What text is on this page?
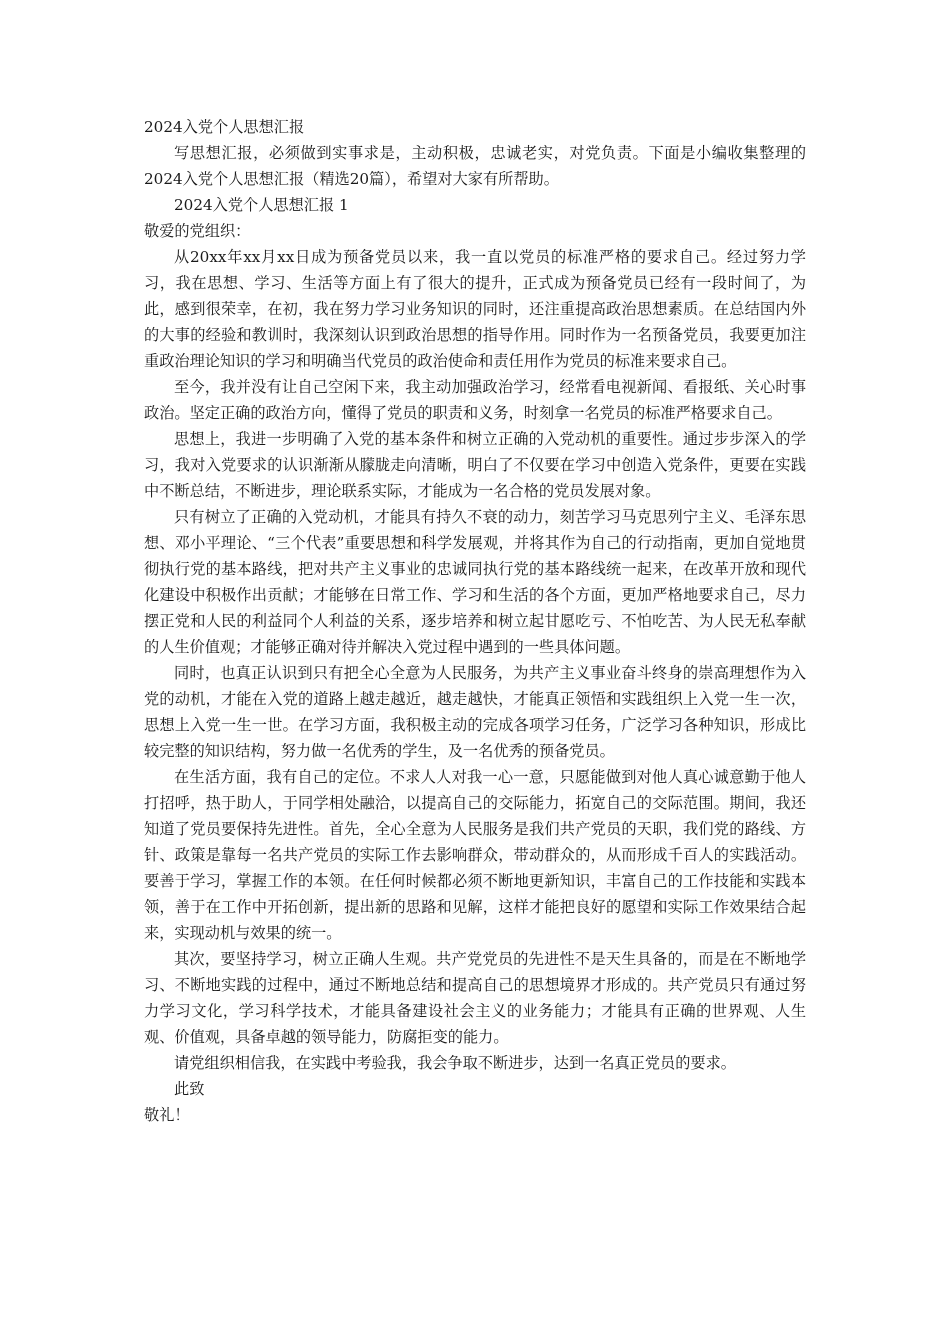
2024入党个人思想汇报

写思想汇报，必须做到实事求是，主动积极，忠诚老实，对党负责。下面是小编收集整理的2024入党个人思想汇报（精选20篇），希望对大家有所帮助。

2024入党个人思想汇报 1

敬爱的党组织：

从20xx年xx月xx日成为预备党员以来，我一直以党员的标准严格的要求自己。经过努力学习，我在思想、学习、生活等方面上有了很大的提升，正式成为预备党员已经有一段时间了，为此，感到很荣幸，在初，我在努力学习业务知识的同时，还注重提高政治思想素质。在总结国内外的大事的经验和教训时，我深刻认识到政治思想的指导作用。同时作为一名预备党员，我要更加注重政治理论知识的学习和明确当代党员的政治使命和责任用作为党员的标准来要求自己。

至今，我并没有让自己空闲下来，我主动加强政治学习，经常看电视新闻、看报纸、关心时事政治。坚定正确的政治方向，懂得了党员的职责和义务，时刻拿一名党员的标准严格要求自己。

思想上，我进一步明确了入党的基本条件和树立正确的入党动机的重要性。通过步步深入的学习，我对入党要求的认识渐渐从朦胧走向清晰，明白了不仅要在学习中创造入党条件，更要在实践中不断总结，不断进步，理论联系实际，才能成为一名合格的党员发展对象。

只有树立了正确的入党动机，才能具有持久不衰的动力，刻苦学习马克思列宁主义、毛泽东思想、邓小平理论、“三个代表”重要思想和科学发展观，并将其作为自己的行动指南，更加自觉地贯彻执行党的基本路线，把对共产主义事业的忠诚同执行党的基本路线统一起来，在改革开放和现代化建设中积极作出贡献；才能够在日常工作、学习和生活的各个方面，更加严格地要求自己，尽力摆正党和人民的利益同个人利益的关系，逐步培养和树立起甘愿吃亏、不怕吃苦、为人民无私奉献的人生价值观；才能够正确对待并解决入党过程中遇到的一些具体问题。

同时，也真正认识到只有把全心全意为人民服务，为共产主义事业奋斗终身的崇高理想作为入党的动机，才能在入党的道路上越走越近，越走越快，才能真正领悟和实践组织上入党一生一次，思想上入党一生一世。在学习方面，我积极主动的完成各项学习任务，广泛学习各种知识，形成比较完整的知识结构，努力做一名优秀的学生，及一名优秀的预备党员。

在生活方面，我有自己的定位。不求人人对我一心一意，只愿能做到对他人真心诚意勤于他人打招呼，热于助人，于同学相处融洽，以提高自己的交际能力，拓宽自己的交际范围。期间，我还知道了党员要保持先进性。首先，全心全意为人民服务是我们共产党员的天职，我们党的路线、方针、政策是靠每一名共产党员的实际工作去影响群众，带动群众的，从而形成千百人的实践活动。要善于学习，掌握工作的本领。在任何时候都必须不断地更新知识，丰富自己的工作技能和实践本领，善于在工作中开拓创新，提出新的思路和见解，这样才能把良好的愿望和实际工作效果结合起来，实现动机与效果的统一。

其次，要坚持学习，树立正确人生观。共产党党员的先进性不是天生具备的，而是在不断地学习、不断地实践的过程中，通过不断地总结和提高自己的思想境界才形成的。共产党员只有通过努力学习文化，学习科学技术，才能具备建设社会主义的业务能力；才能具有正确的世界观、人生观、价值观，具备卓越的领导能力，防腐拒变的能力。

请党组织相信我，在实践中考验我，我会争取不断进步，达到一名真正党员的要求。

此致

敬礼！
